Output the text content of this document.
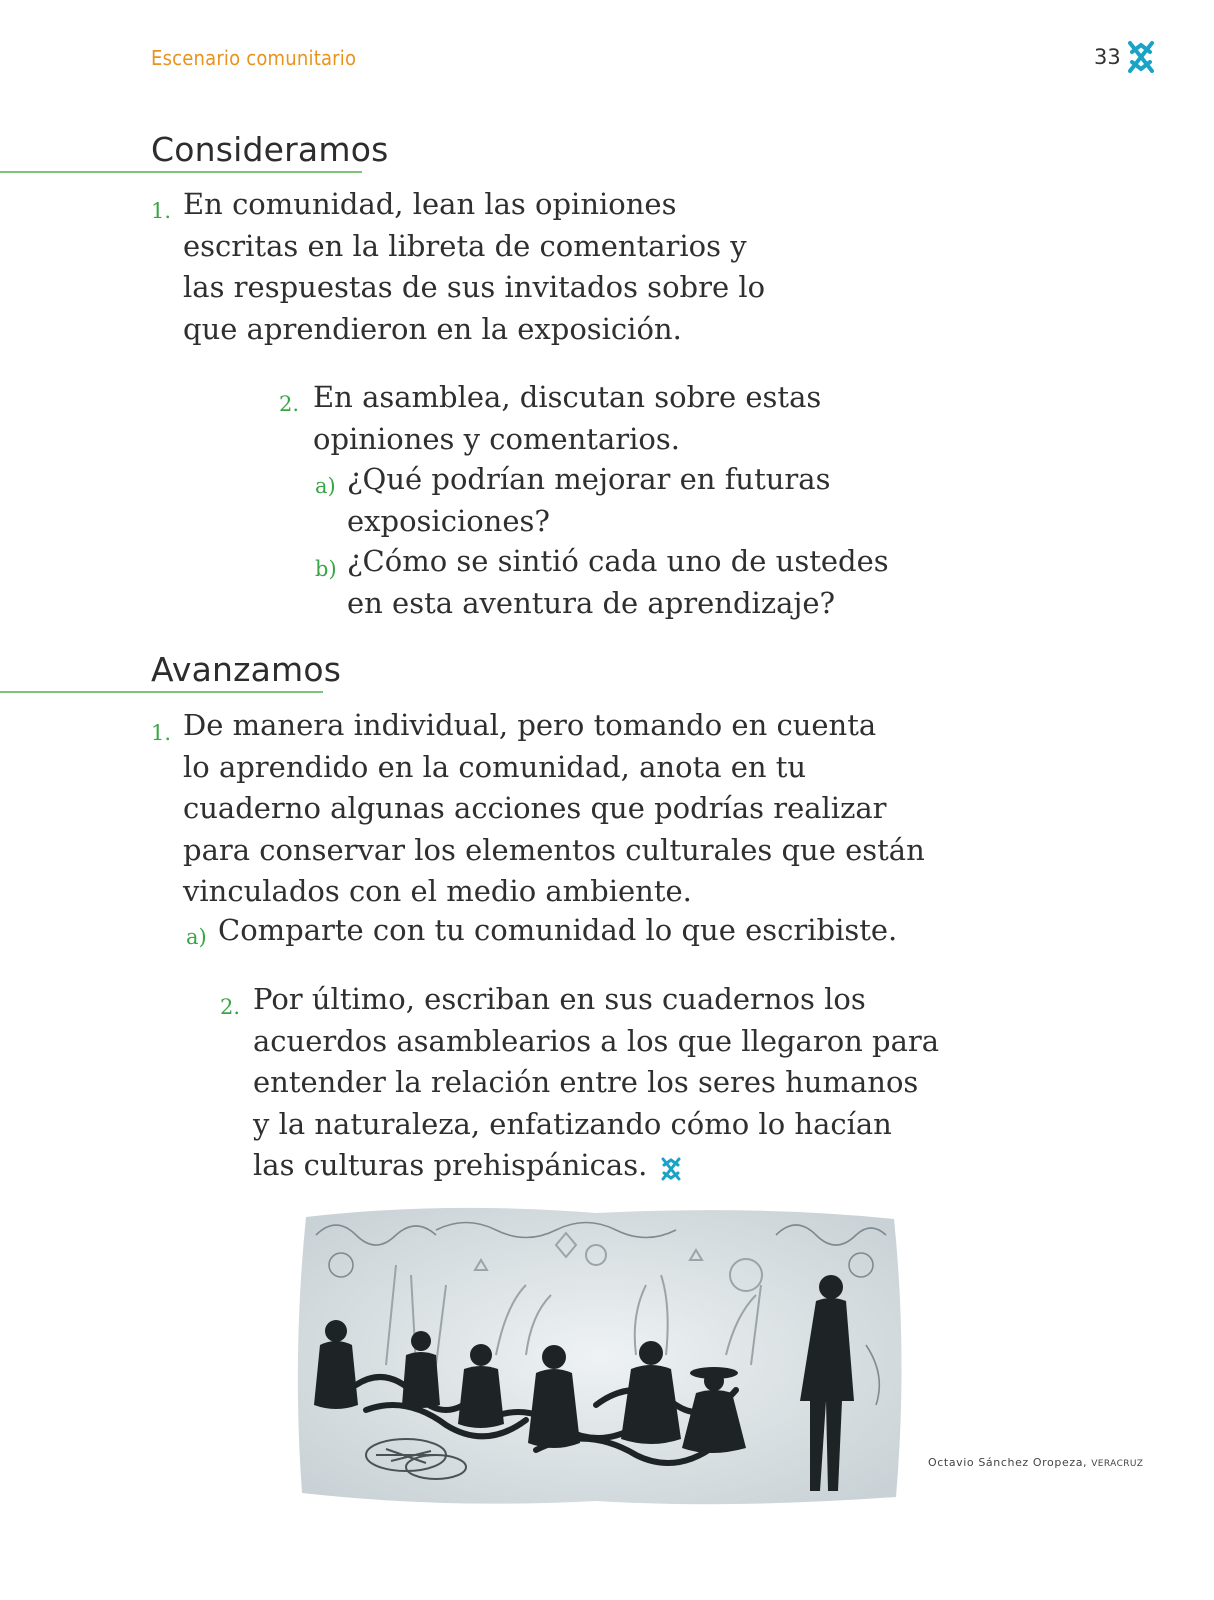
Escenario comunitario	33
Consideramos
1. En comunidad, lean las opiniones
escritas en la libreta de comentarios y
las respuestas de sus invitados sobre lo
que aprendieron en la exposición.
2. En asamblea, discutan sobre estas
opiniones y comentarios.
a) ¿Qué podrían mejorar en futuras
exposiciones?
b) ¿Cómo se sintió cada uno de ustedes
en esta aventura de aprendizaje?
Avanzamos
1. De manera individual, pero tomando en cuenta
lo aprendido en la comunidad, anota en tu
cuaderno algunas acciones que podrías realizar
para conservar los elementos culturales que están
vinculados con el medio ambiente.
a) Comparte con tu comunidad lo que escribiste.
2. Por último, escriban en sus cuadernos los
acuerdos asamblearios a los que llegaron para
entender la relación entre los seres humanos
y la naturaleza, enfatizando cómo lo hacían
las culturas prehispánicas.
Octavio Sánchez Oropeza, VERACRUZ
